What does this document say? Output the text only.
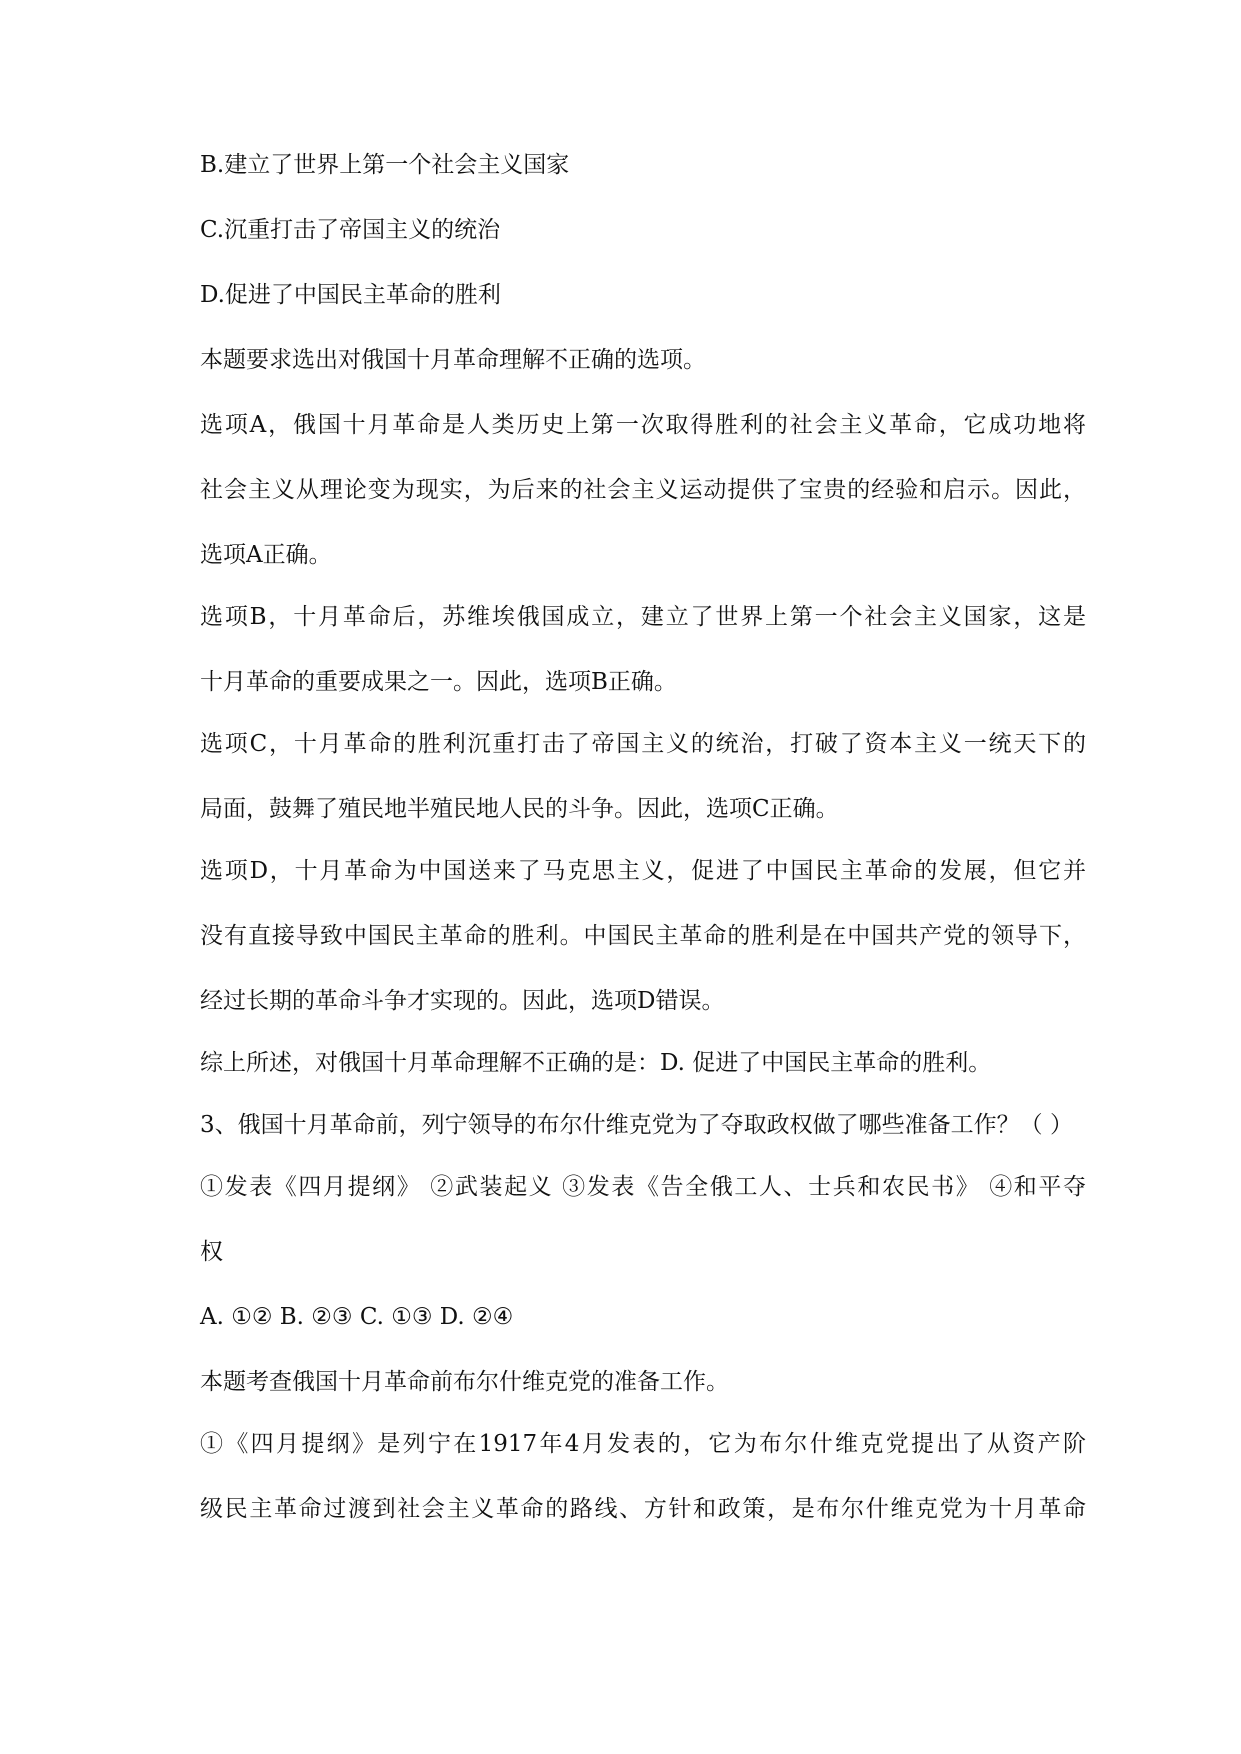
B.建立了世界上第一个社会主义国家
C.沉重打击了帝国主义的统治
D.促进了中国民主革命的胜利
本题要求选出对俄国十月革命理解不正确的选项。
选项A，俄国十月革命是人类历史上第一次取得胜利的社会主义革命，它成功地将
社会主义从理论变为现实，为后来的社会主义运动提供了宝贵的经验和启示。因此，
选项A正确。
选项B，十月革命后，苏维埃俄国成立，建立了世界上第一个社会主义国家，这是
十月革命的重要成果之一。因此，选项B正确。
选项C，十月革命的胜利沉重打击了帝国主义的统治，打破了资本主义一统天下的
局面，鼓舞了殖民地半殖民地人民的斗争。因此，选项C正确。
选项D，十月革命为中国送来了马克思主义，促进了中国民主革命的发展，但它并
没有直接导致中国民主革命的胜利。中国民主革命的胜利是在中国共产党的领导下，
经过长期的革命斗争才实现的。因此，选项D错误。
综上所述，对俄国十月革命理解不正确的是：D. 促进了中国民主革命的胜利。
3、俄国十月革命前，列宁领导的布尔什维克党为了夺取政权做了哪些准备工作？（ ）
①发表《四月提纲》 ②武装起义 ③发表《告全俄工人、士兵和农民书》 ④和平夺
权
A. ①② B. ②③ C. ①③ D. ②④
本题考查俄国十月革命前布尔什维克党的准备工作。
①《四月提纲》是列宁在1917年4月发表的，它为布尔什维克党提出了从资产阶
级民主革命过渡到社会主义革命的路线、方针和政策，是布尔什维克党为十月革命
